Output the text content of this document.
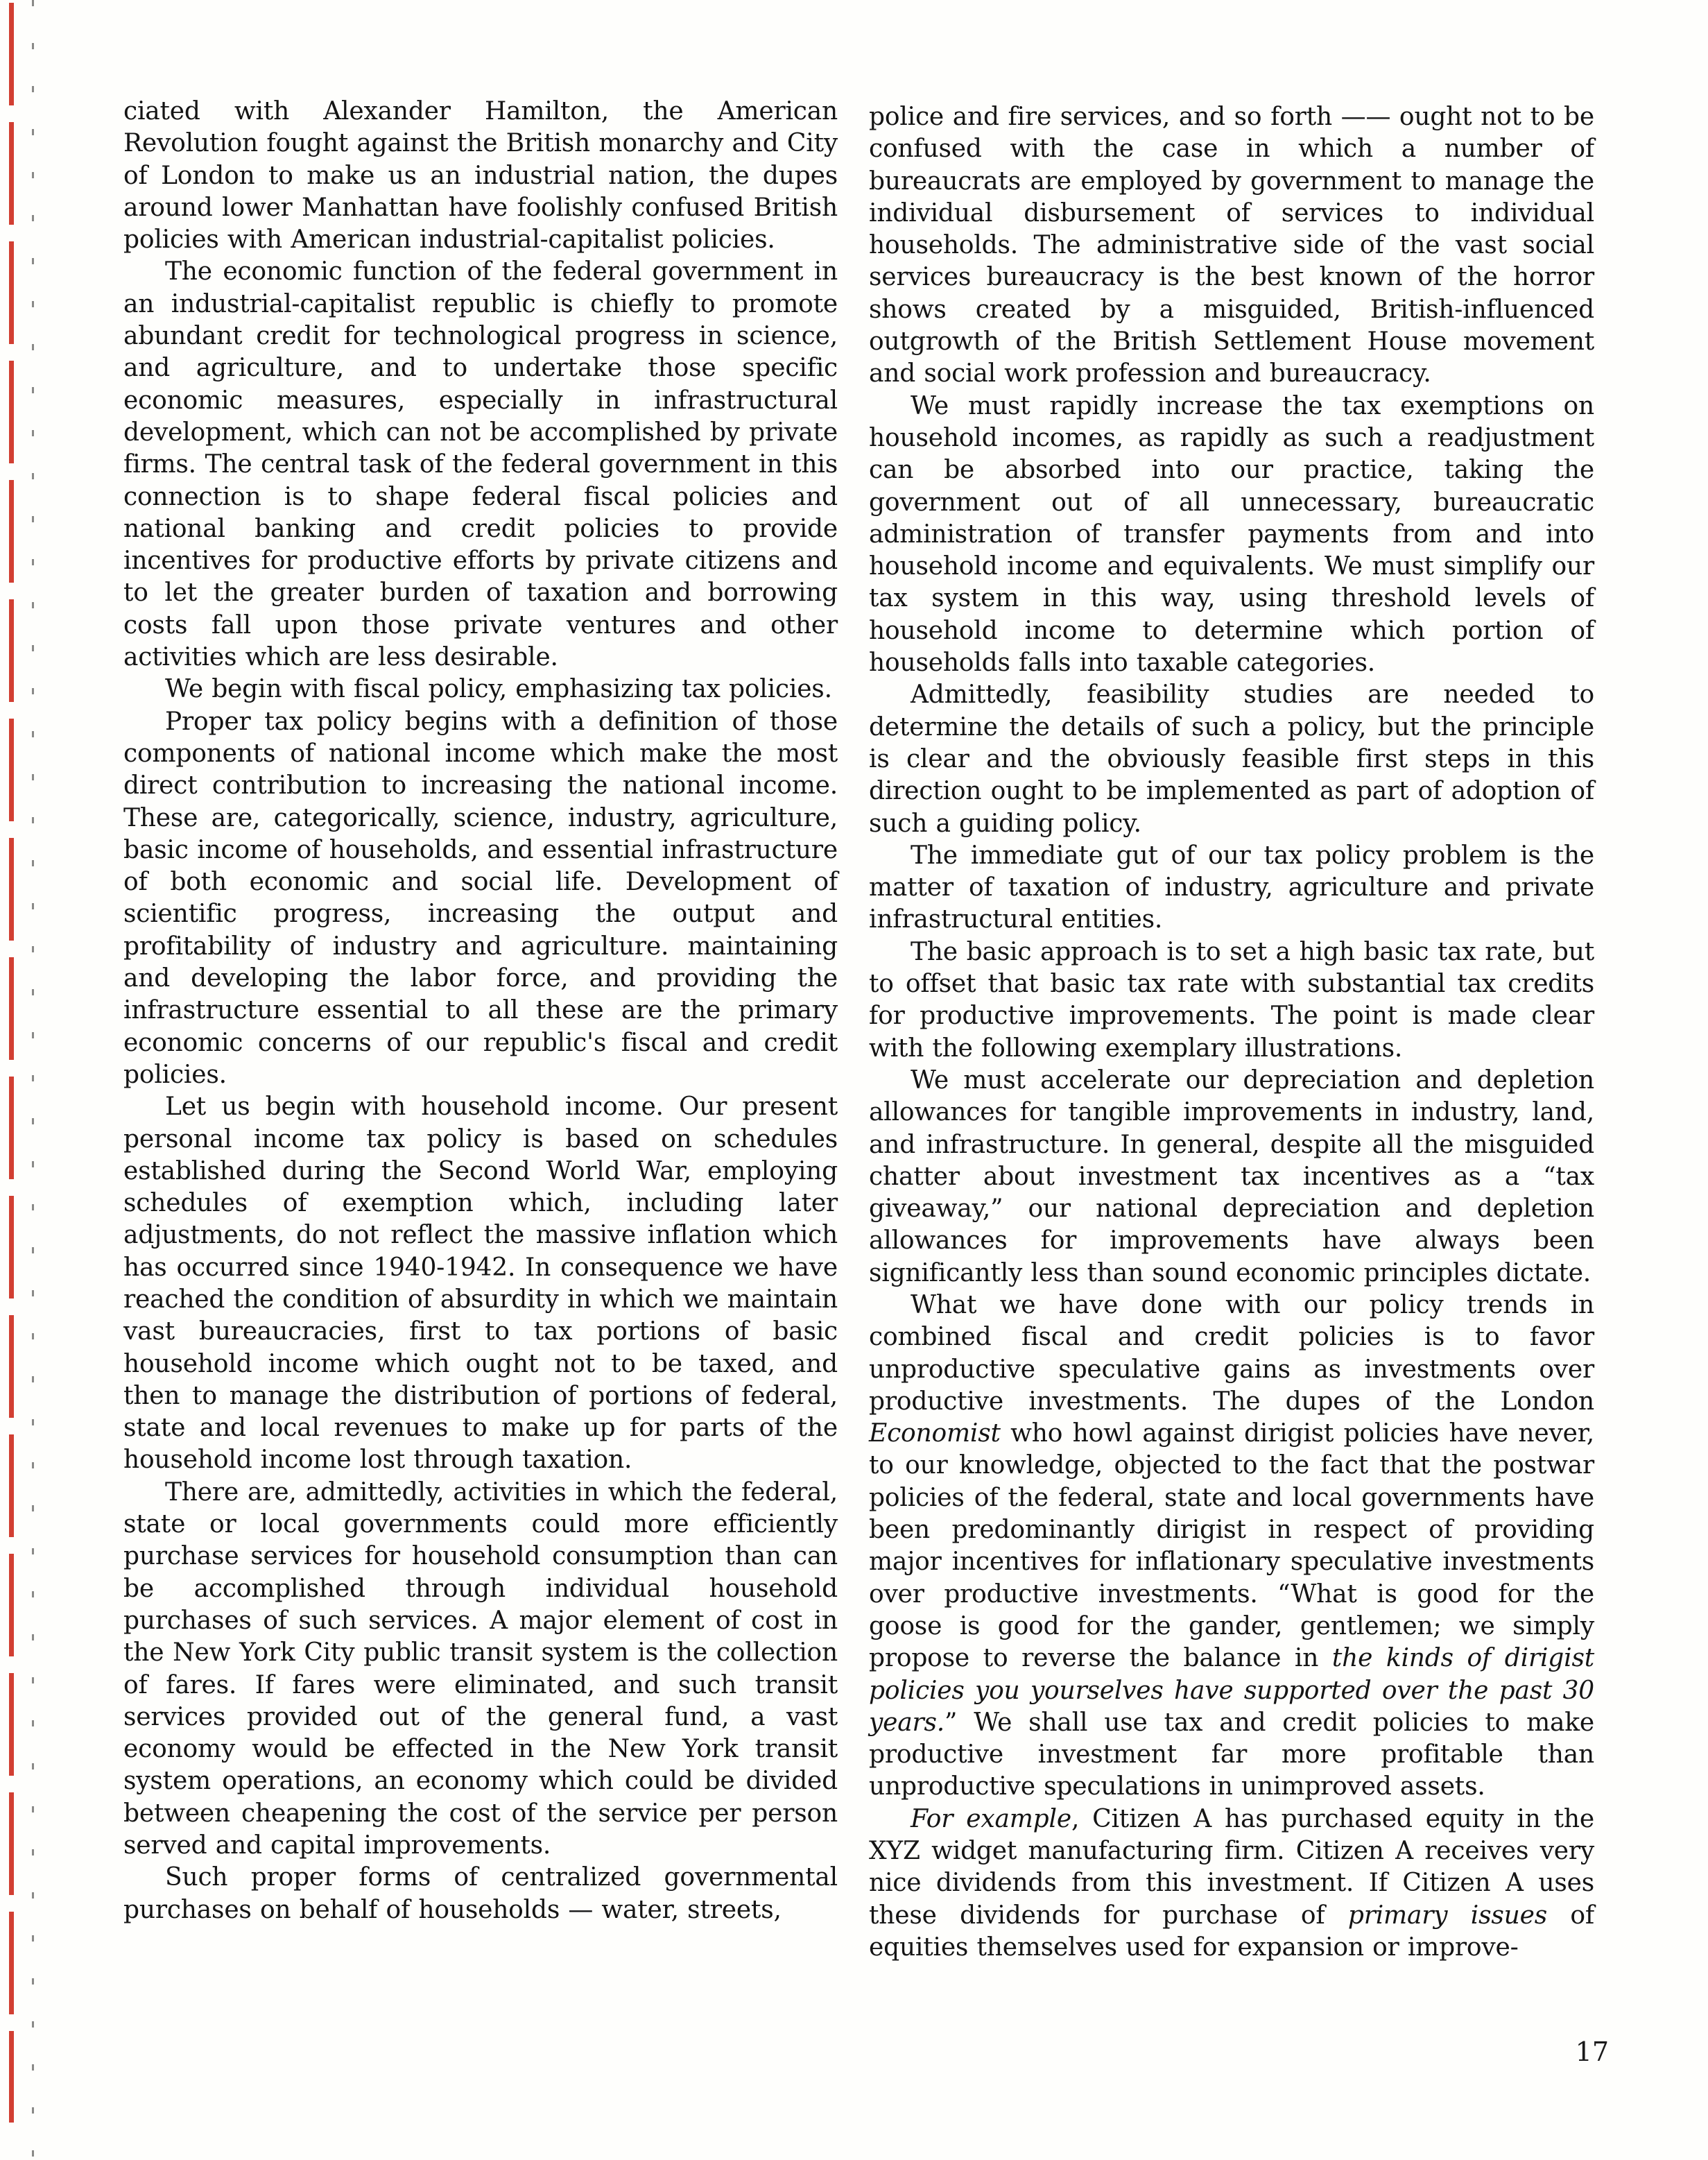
ciated with Alexander Hamilton, the American Revolution fought against the British monarchy and City of London to make us an industrial nation, the dupes around lower Manhattan have foolishly confused British policies with American industrial-capitalist policies.

The economic function of the federal government in an industrial-capitalist republic is chiefly to promote abundant credit for technological progress in science, and agriculture, and to undertake those specific economic measures, especially in infrastructural development, which can not be accomplished by private firms. The central task of the federal government in this connection is to shape federal fiscal policies and national banking and credit policies to provide incentives for productive efforts by private citizens and to let the greater burden of taxation and borrowing costs fall upon those private ventures and other activities which are less desirable.

We begin with fiscal policy, emphasizing tax policies.

Proper tax policy begins with a definition of those components of national income which make the most direct contribution to increasing the national income. These are, categorically, science, industry, agriculture, basic income of households, and essential infrastructure of both economic and social life. Development of scientific progress, increasing the output and profitability of industry and agriculture. maintaining and developing the labor force, and providing the infrastructure essential to all these are the primary economic concerns of our republic's fiscal and credit policies.

Let us begin with household income. Our present personal income tax policy is based on schedules established during the Second World War, employing schedules of exemption which, including later adjustments, do not reflect the massive inflation which has occurred since 1940-1942. In consequence we have reached the condition of absurdity in which we maintain vast bureaucracies, first to tax portions of basic household income which ought not to be taxed, and then to manage the distribution of portions of federal, state and local revenues to make up for parts of the household income lost through taxation.

There are, admittedly, activities in which the federal, state or local governments could more efficiently purchase services for household consumption than can be accomplished through individual household purchases of such services. A major element of cost in the New York City public transit system is the collection of fares. If fares were eliminated, and such transit services provided out of the general fund, a vast economy would be effected in the New York transit system operations, an economy which could be divided between cheapening the cost of the service per person served and capital improvements.

Such proper forms of centralized governmental purchases on behalf of households — water, streets,

police and fire services, and so forth —— ought not to be confused with the case in which a number of bureaucrats are employed by government to manage the individual disbursement of services to individual households. The administrative side of the vast social services bureaucracy is the best known of the horror shows created by a misguided, British-influenced outgrowth of the British Settlement House movement and social work profession and bureaucracy.

We must rapidly increase the tax exemptions on household incomes, as rapidly as such a readjustment can be absorbed into our practice, taking the government out of all unnecessary, bureaucratic administration of transfer payments from and into household income and equivalents. We must simplify our tax system in this way, using threshold levels of household income to determine which portion of households falls into taxable categories.

Admittedly, feasibility studies are needed to determine the details of such a policy, but the principle is clear and the obviously feasible first steps in this direction ought to be implemented as part of adoption of such a guiding policy.

The immediate gut of our tax policy problem is the matter of taxation of industry, agriculture and private infrastructural entities.

The basic approach is to set a high basic tax rate, but to offset that basic tax rate with substantial tax credits for productive improvements. The point is made clear with the following exemplary illustrations.

We must accelerate our depreciation and depletion allowances for tangible improvements in industry, land, and infrastructure. In general, despite all the misguided chatter about investment tax incentives as a “tax giveaway,” our national depreciation and depletion allowances for improvements have always been significantly less than sound economic principles dictate.

What we have done with our policy trends in combined fiscal and credit policies is to favor unproductive speculative gains as investments over productive investments. The dupes of the London Economist who howl against dirigist policies have never, to our knowledge, objected to the fact that the postwar policies of the federal, state and local governments have been predominantly dirigist in respect of providing major incentives for inflationary speculative investments over productive investments. “What is good for the goose is good for the gander, gentlemen; we simply propose to reverse the balance in the kinds of dirigist policies you yourselves have supported over the past 30 years.” We shall use tax and credit policies to make productive investment far more profitable than unproductive speculations in unimproved assets.

For example, Citizen A has purchased equity in the XYZ widget manufacturing firm. Citizen A receives very nice dividends from this investment. If Citizen A uses these dividends for purchase of primary issues of equities themselves used for expansion or improve-

17
